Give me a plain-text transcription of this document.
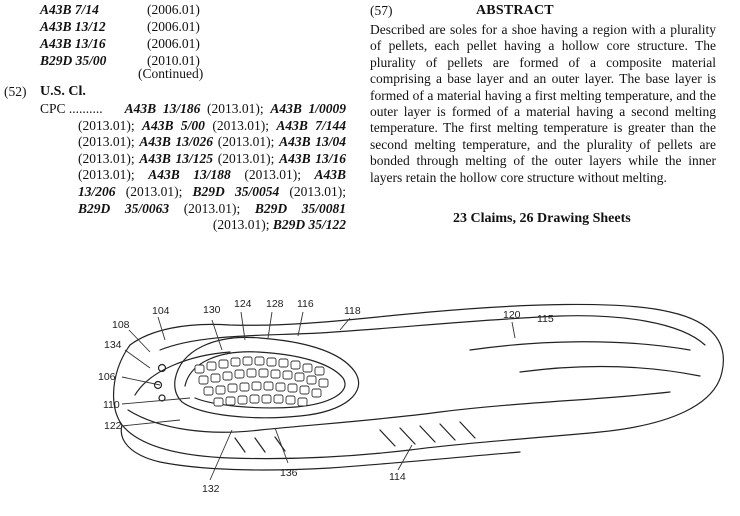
A43B 7/14	(2006.01)
A43B 13/12	(2006.01)
A43B 13/16	(2006.01)
B29D 35/00	(2010.01)
(Continued)
(52) U.S. Cl.
CPC ..........	A43B 13/186 (2013.01); A43B 1/0009 (2013.01); A43B 5/00 (2013.01); A43B 7/144 (2013.01); A43B 13/026 (2013.01); A43B 13/04 (2013.01); A43B 13/125 (2013.01); A43B 13/16 (2013.01); A43B 13/188 (2013.01); A43B 13/206 (2013.01); B29D 35/0054 (2013.01); B29D 35/0063 (2013.01); B29D 35/0081 (2013.01); B29D 35/122
(57)	ABSTRACT
Described are soles for a shoe having a region with a plurality of pellets, each pellet having a hollow core structure. The plurality of pellets are formed of a composite material comprising a base layer and an outer layer. The base layer is formed of a material having a first melting temperature, and the outer layer is formed of a material having a second melting temperature. The first melting temperature is greater than the second melting temperature, and the plurality of pellets are bonded through melting of the outer layers while the inner layers retain the hollow core structure without melting.
23 Claims, 26 Drawing Sheets
104	130 124 128 116
118	120 115
108
134
106
110
122
132
136	114
